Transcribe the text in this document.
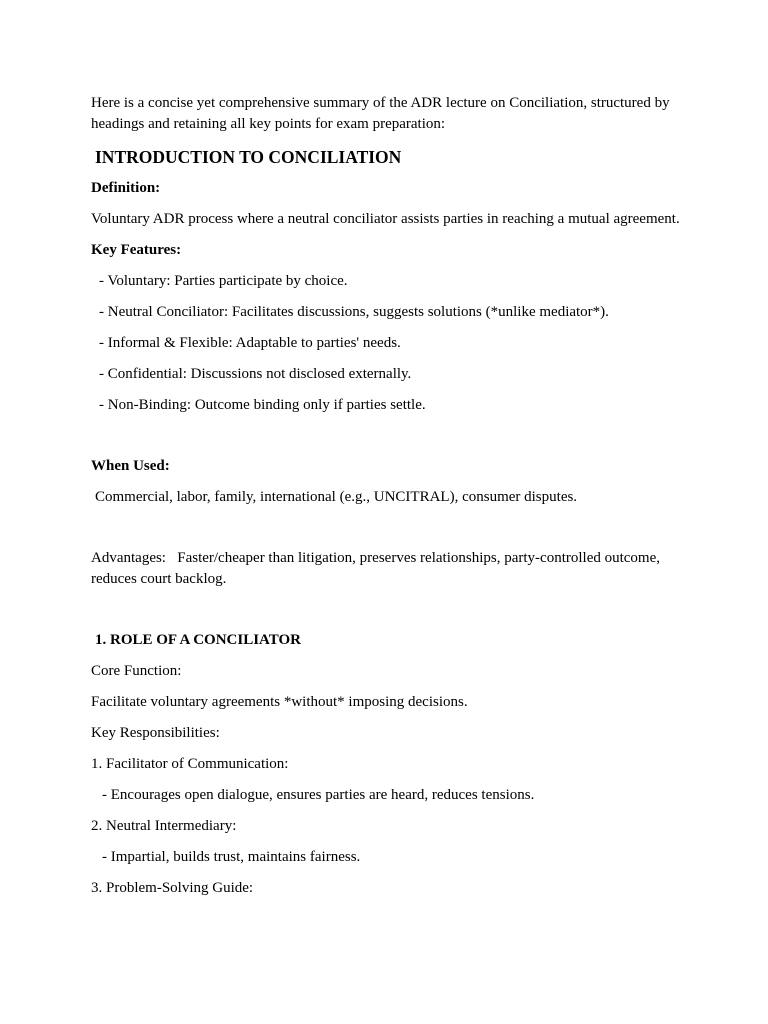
Here is a concise yet comprehensive summary of the ADR lecture on Conciliation, structured by headings and retaining all key points for exam preparation:

INTRODUCTION TO CONCILIATION

Definition:

Voluntary ADR process where a neutral conciliator assists parties in reaching a mutual agreement.

Key Features:

- Voluntary: Parties participate by choice.

- Neutral Conciliator: Facilitates discussions, suggests solutions (*unlike mediator*).

- Informal & Flexible: Adaptable to parties' needs.

- Confidential: Discussions not disclosed externally.

- Non-Binding: Outcome binding only if parties settle.

When Used:

Commercial, labor, family, international (e.g., UNCITRAL), consumer disputes.

Advantages: Faster/cheaper than litigation, preserves relationships, party-controlled outcome, reduces court backlog.

1. ROLE OF A CONCILIATOR

Core Function:

Facilitate voluntary agreements *without* imposing decisions.

Key Responsibilities:

1. Facilitator of Communication:

- Encourages open dialogue, ensures parties are heard, reduces tensions.

2. Neutral Intermediary:

- Impartial, builds trust, maintains fairness.

3. Problem-Solving Guide:
